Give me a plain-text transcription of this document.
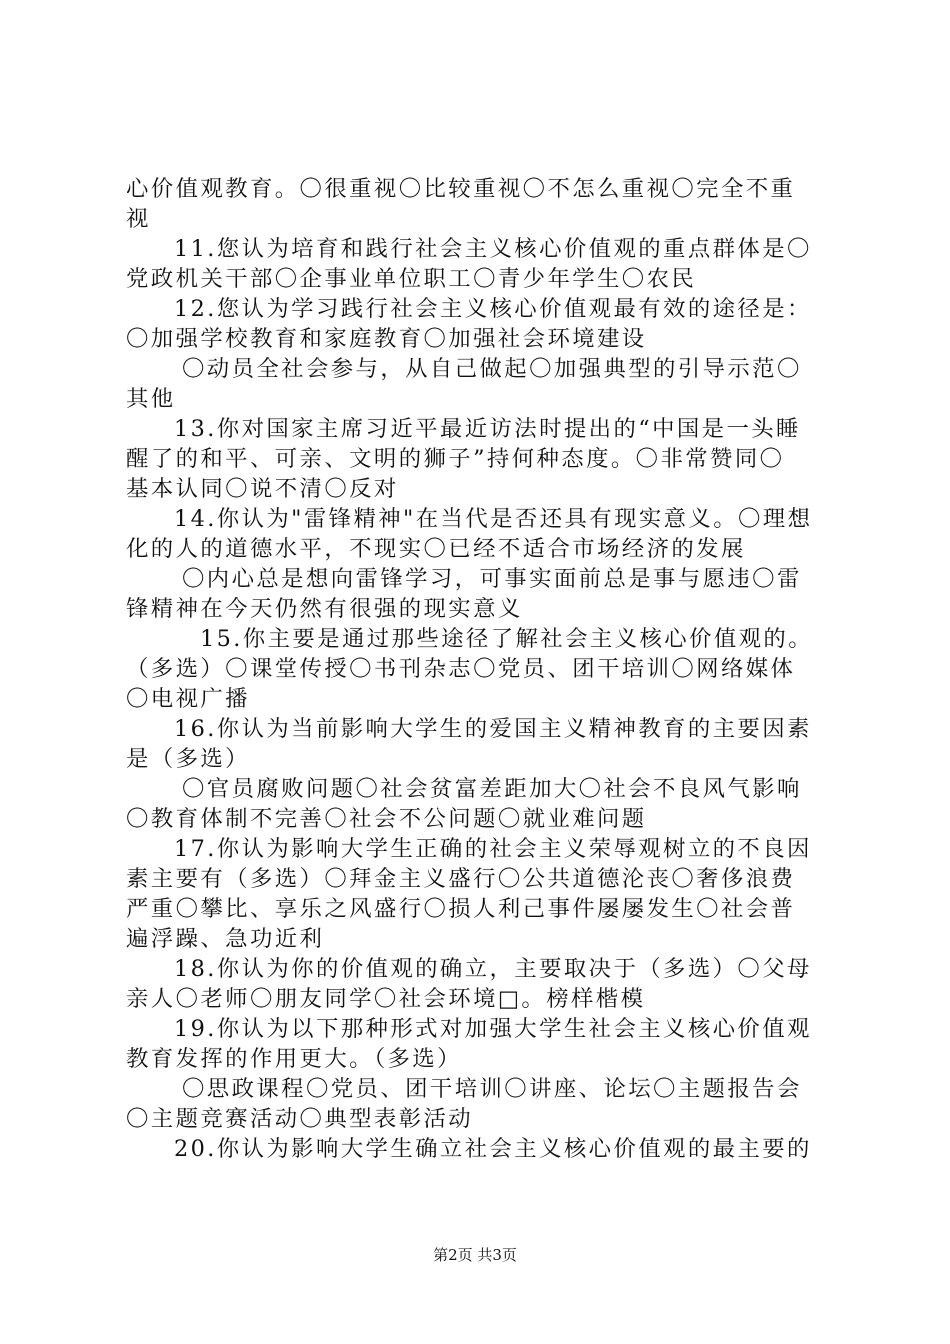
心价值观教育。〇很重视〇比较重视〇不怎么重视〇完全不重
视
11.您认为培育和践行社会主义核心价值观的重点群体是〇
党政机关干部〇企事业单位职工〇青少年学生〇农民
12.您认为学习践行社会主义核心价值观最有效的途径是：
〇加强学校教育和家庭教育〇加强社会环境建设
〇动员全社会参与，从自己做起〇加强典型的引导示范〇
其他
13.你对国家主席习近平最近访法时提出的“中国是一头睡
醒了的和平、可亲、文明的狮子”持何种态度。〇非常赞同〇
基本认同〇说不清〇反对
14.你认为"雷锋精神"在当代是否还具有现实意义。〇理想
化的人的道德水平，不现实〇已经不适合市场经济的发展
〇内心总是想向雷锋学习，可事实面前总是事与愿违〇雷
锋精神在今天仍然有很强的现实意义
15.你主要是通过那些途径了解社会主义核心价值观的。
（多选）〇课堂传授〇书刊杂志〇党员、团干培训〇网络媒体
〇电视广播
16.你认为当前影响大学生的爱国主义精神教育的主要因素
是（多选）
〇官员腐败问题〇社会贫富差距加大〇社会不良风气影响
〇教育体制不完善〇社会不公问题〇就业难问题
17.你认为影响大学生正确的社会主义荣辱观树立的不良因
素主要有（多选）〇拜金主义盛行〇公共道德沦丧〇奢侈浪费
严重〇攀比、享乐之风盛行〇损人利己事件屡屡发生〇社会普
遍浮躁、急功近利
18.你认为你的价值观的确立，主要取决于（多选）〇父母
亲人〇老师〇朋友同学〇社会环境□。榜样楷模
19.你认为以下那种形式对加强大学生社会主义核心价值观
教育发挥的作用更大。（多选）
〇思政课程〇党员、团干培训〇讲座、论坛〇主题报告会
〇主题竞赛活动〇典型表彰活动
20.你认为影响大学生确立社会主义核心价值观的最主要的
第2页 共3页
